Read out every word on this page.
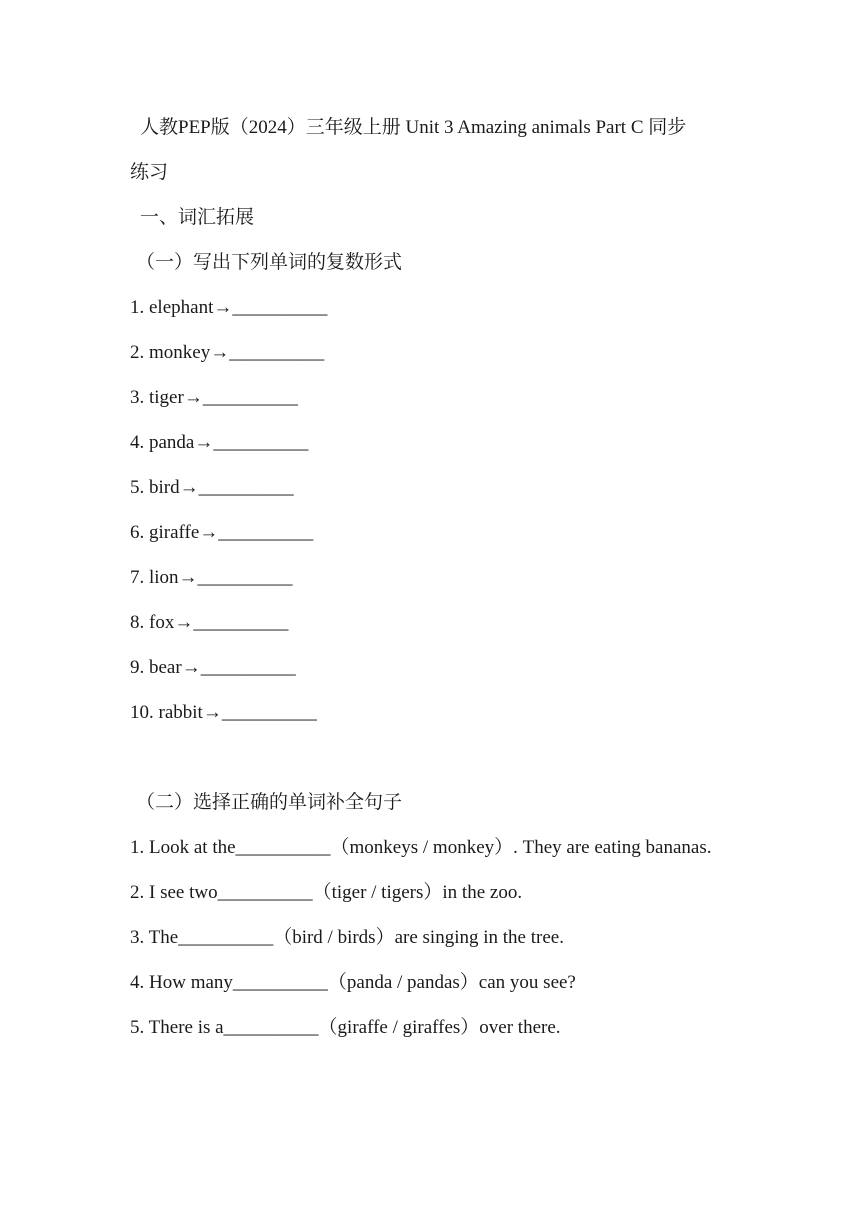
人教PEP版（2024）三年级上册 Unit 3 Amazing animals Part C 同步
练习
一、词汇拓展
（一）写出下列单词的复数形式
1. elephant→__________
2. monkey→__________
3. tiger→__________
4. panda→__________
5. bird→__________
6. giraffe→__________
7. lion→__________
8. fox→__________
9. bear→__________
10. rabbit→__________
（二）选择正确的单词补全句子
1. Look at the__________（monkeys / monkey）. They are eating bananas.
2. I see two__________（tiger / tigers）in the zoo.
3. The__________（bird / birds）are singing in the tree.
4. How many__________（panda / pandas）can you see?
5. There is a__________（giraffe / giraffes）over there.
